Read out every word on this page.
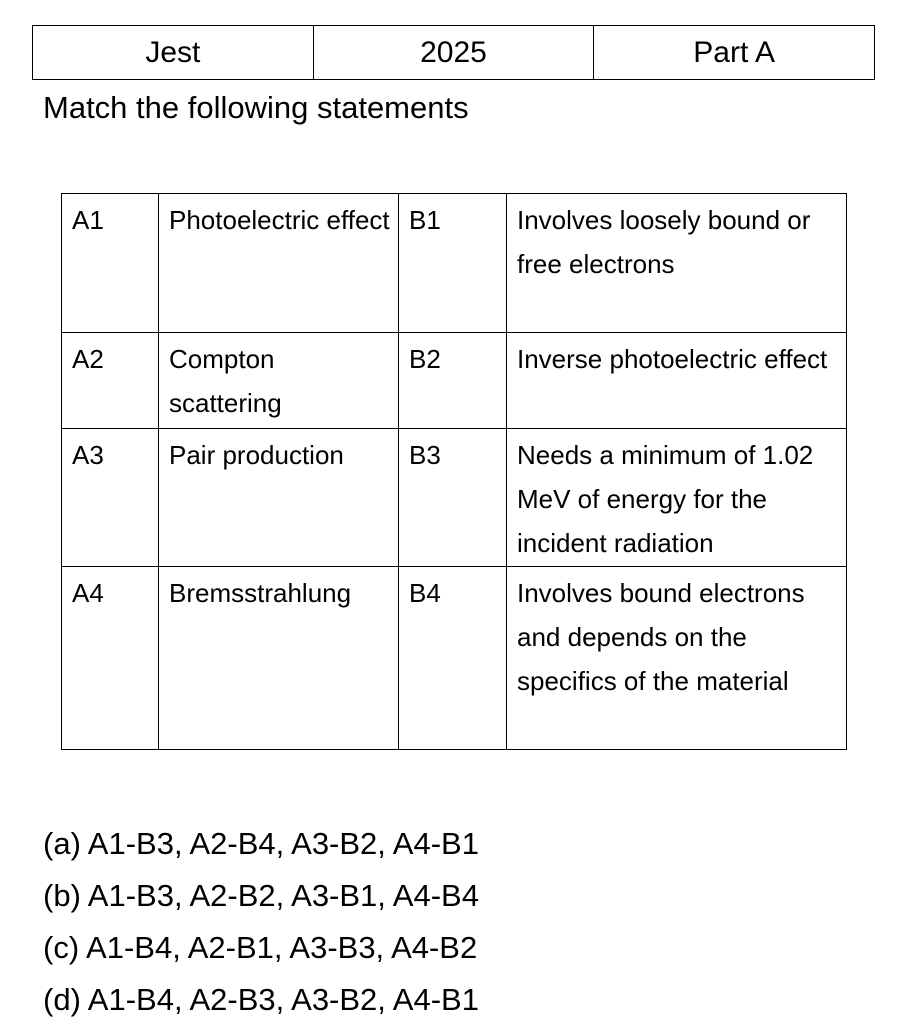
Jest	2025	Part A

Match the following statements

A1	Photoelectric effect	B1	Involves loosely bound or free electrons
A2	Compton scattering	B2	Inverse photoelectric effect
A3	Pair production	B3	Needs a minimum of 1.02 MeV of energy for the incident radiation
A4	Bremsstrahlung	B4	Involves bound electrons and depends on the specifics of the material
(a) A1-B3, A2-B4, A3-B2, A4-B1
(b) A1-B3, A2-B2, A3-B1, A4-B4
(c) A1-B4, A2-B1, A3-B3, A4-B2
(d) A1-B4, A2-B3, A3-B2, A4-B1
